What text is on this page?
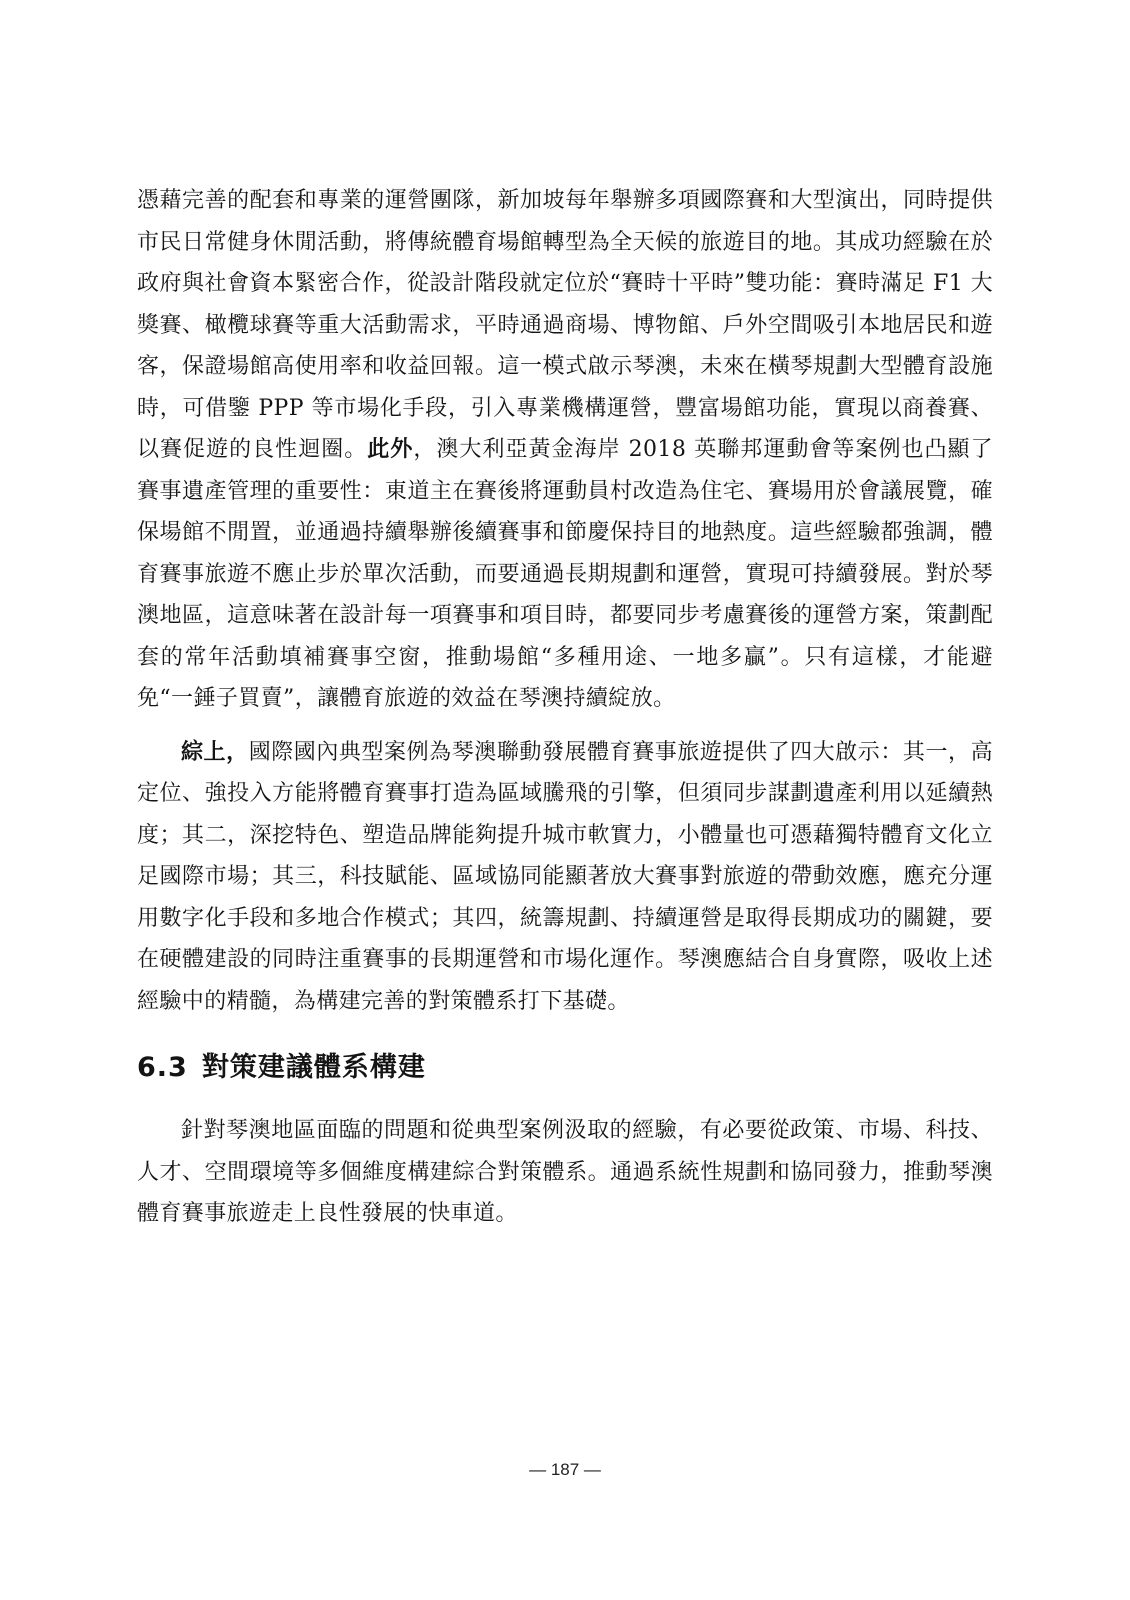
憑藉完善的配套和專業的運營團隊，新加坡每年舉辦多項國際賽和大型演出，同時提供市民日常健身休閒活動，將傳統體育場館轉型為全天候的旅遊目的地。其成功經驗在於政府與社會資本緊密合作，從設計階段就定位於“賽時十平時”雙功能：賽時滿足 F1 大獎賽、橄欖球賽等重大活動需求，平時通過商場、博物館、戶外空間吸引本地居民和遊客，保證場館高使用率和收益回報。這一模式啟示琴澳，未來在橫琴規劃大型體育設施時，可借鑒 PPP 等市場化手段，引入專業機構運營，豐富場館功能，實現以商養賽、以賽促遊的良性迴圈。此外，澳大利亞黃金海岸 2018 英聯邦運動會等案例也凸顯了賽事遺產管理的重要性：東道主在賽後將運動員村改造為住宅、賽場用於會議展覽，確保場館不閒置，並通過持續舉辦後續賽事和節慶保持目的地熱度。這些經驗都強調，體育賽事旅遊不應止步於單次活動，而要通過長期規劃和運營，實現可持續發展。對於琴澳地區，這意味著在設計每一項賽事和項目時，都要同步考慮賽後的運營方案，策劃配套的常年活動填補賽事空窗，推動場館“多種用途、一地多贏”。只有這樣，才能避免“一錘子買賣”，讓體育旅遊的效益在琴澳持續綻放。

綜上，國際國內典型案例為琴澳聯動發展體育賽事旅遊提供了四大啟示：其一，高定位、強投入方能將體育賽事打造為區域騰飛的引擎，但須同步謀劃遺產利用以延續熱度；其二，深挖特色、塑造品牌能夠提升城市軟實力，小體量也可憑藉獨特體育文化立足國際市場；其三，科技賦能、區域協同能顯著放大賽事對旅遊的帶動效應，應充分運用數字化手段和多地合作模式；其四，統籌規劃、持續運營是取得長期成功的關鍵，要在硬體建設的同時注重賽事的長期運營和市場化運作。琴澳應結合自身實際，吸收上述經驗中的精髓，為構建完善的對策體系打下基礎。

6.3 對策建議體系構建

針對琴澳地區面臨的問題和從典型案例汲取的經驗，有必要從政策、市場、科技、人才、空間環境等多個維度構建綜合對策體系。通過系統性規劃和協同發力，推動琴澳體育賽事旅遊走上良性發展的快車道。

— 187 —
